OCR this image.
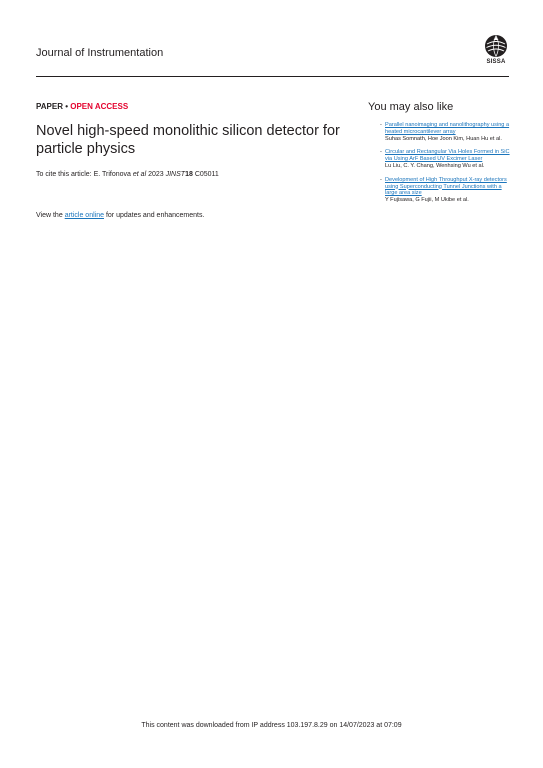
Journal of Instrumentation
SISSA
PAPER • OPEN ACCESS
Novel high-speed monolithic silicon detector for particle physics
To cite this article: E. Trifonova et al 2023 JINST18 C05011
View the article online for updates and enhancements.
You may also like
- Parallel nanoimaging and nanolithography using a heated microcantilever array
Suhas Somnath, Hoe Joon Kim, Huan Hu et al.
- Circular and Rectangular Via Holes Formed in SiC via Using ArF Based UV Excimer Laser
Lu Liu, C. Y. Chang, Wenhsing Wu et al.
- Development of High Throughput X-ray detectors using Superconducting Tunnel Junctions with a large area size
Y Fujisawa, G Fujii, M Ukibe et al.
This content was downloaded from IP address 103.197.8.29 on 14/07/2023 at 07:09
